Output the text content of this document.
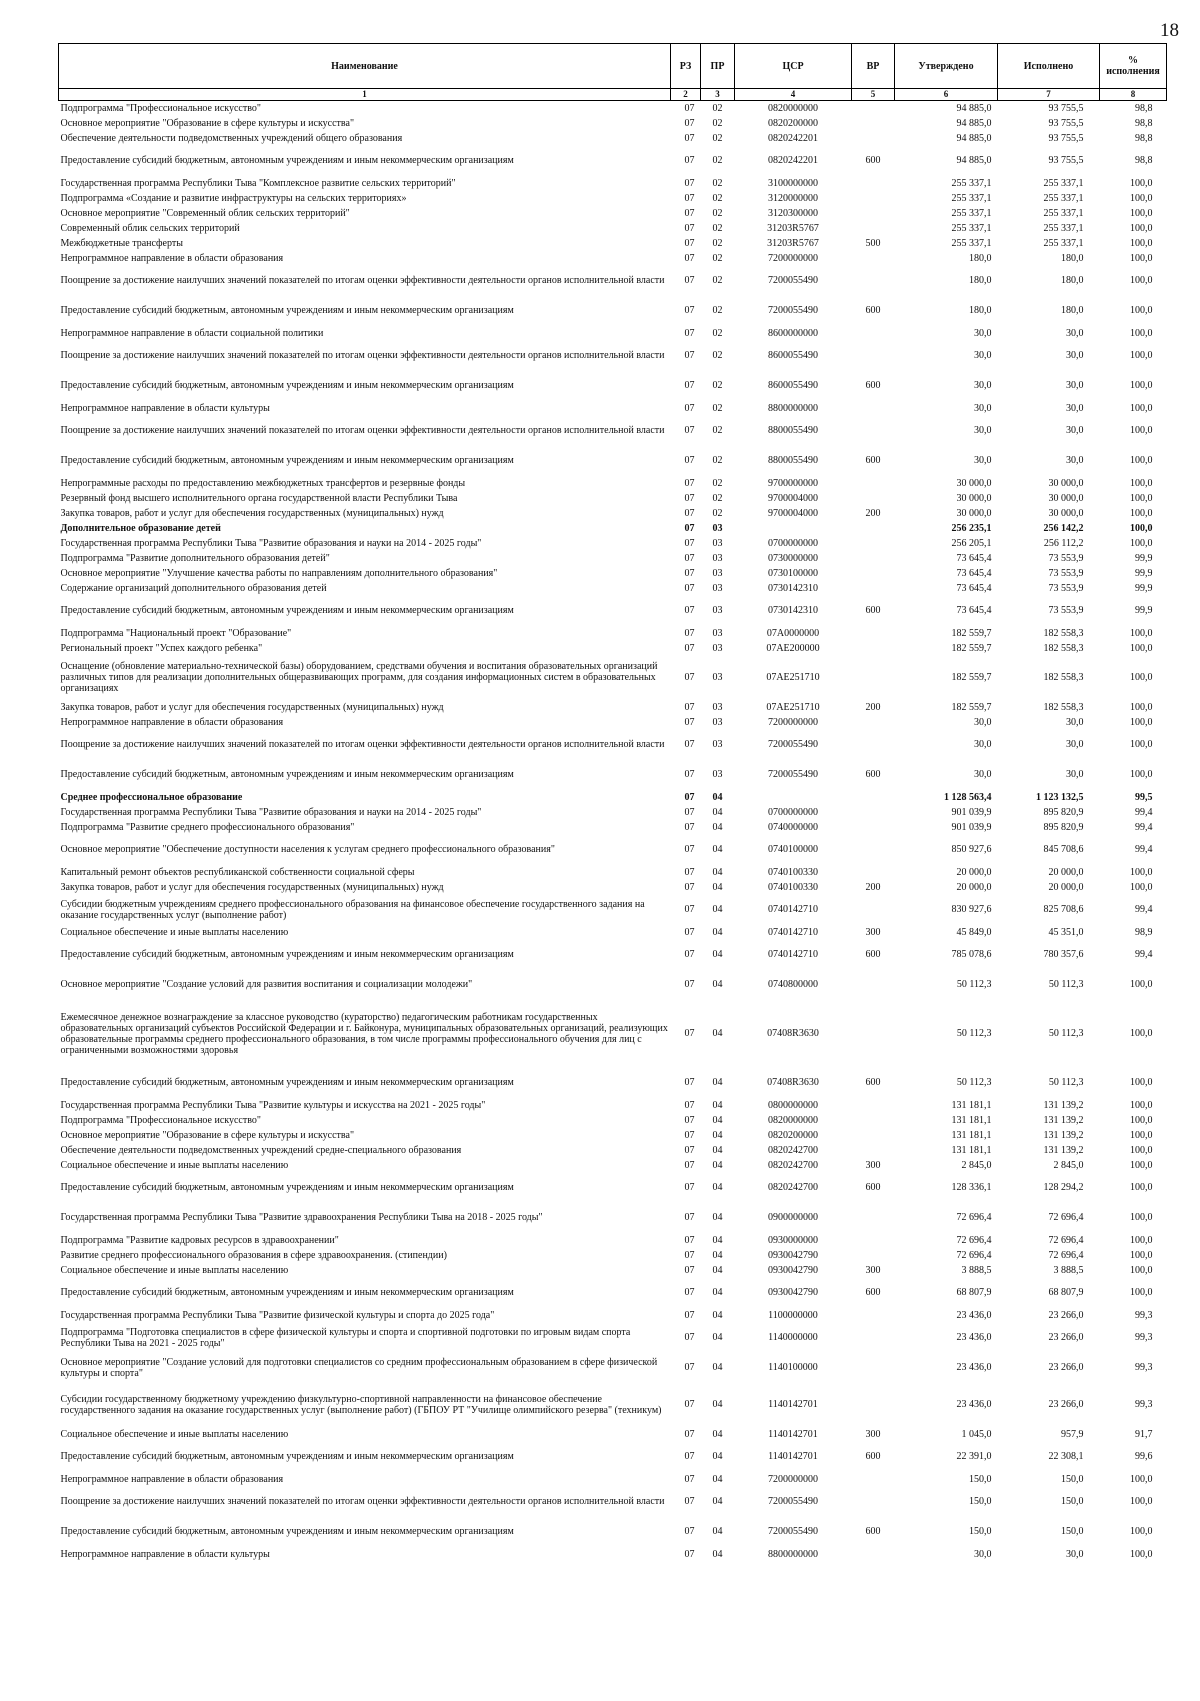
18
Наименование	РЗ	ПР	ЦСР	ВР	Утверждено	Исполнено	% исполнения
1	2	3	4	5	6	7	8
Подпрограмма "Профессиональное искусство"	07	02	0820000000		94 885,0	93 755,5	98,8
Основное мероприятие "Образование в сфере культуры и искусства"	07	02	0820200000		94 885,0	93 755,5	98,8
Обеспечение деятельности подведомственных учреждений общего образования	07	02	0820242201		94 885,0	93 755,5	98,8
Предоставление субсидий бюджетным, автономным учреждениям и иным некоммерческим организациям	07	02	0820242201	600	94 885,0	93 755,5	98,8
Государственная программа Республики Тыва "Комплексное развитие сельских территорий"	07	02	3100000000		255 337,1	255 337,1	100,0
Подпрограмма «Создание и развитие инфраструктуры на сельских территориях»	07	02	3120000000		255 337,1	255 337,1	100,0
Основное мероприятие "Современный облик сельских территорий"	07	02	3120300000		255 337,1	255 337,1	100,0
Современный облик сельских территорий	07	02	31203R5767		255 337,1	255 337,1	100,0
Межбюджетные трансферты	07	02	31203R5767	500	255 337,1	255 337,1	100,0
Непрограммное направление в области образования	07	02	7200000000		180,0	180,0	100,0
Поощрение за достижение наилучших значений показателей по итогам оценки эффективности деятельности органов исполнительной власти	07	02	7200055490		180,0	180,0	100,0
Предоставление субсидий бюджетным, автономным учреждениям и иным некоммерческим организациям	07	02	7200055490	600	180,0	180,0	100,0
Непрограммное направление в области социальной политики	07	02	8600000000		30,0	30,0	100,0
Поощрение за достижение наилучших значений показателей по итогам оценки эффективности деятельности органов исполнительной власти	07	02	8600055490		30,0	30,0	100,0
Предоставление субсидий бюджетным, автономным учреждениям и иным некоммерческим организациям	07	02	8600055490	600	30,0	30,0	100,0
Непрограммное направление в области культуры	07	02	8800000000		30,0	30,0	100,0
Поощрение за достижение наилучших значений показателей по итогам оценки эффективности деятельности органов исполнительной власти	07	02	8800055490		30,0	30,0	100,0
Предоставление субсидий бюджетным, автономным учреждениям и иным некоммерческим организациям	07	02	8800055490	600	30,0	30,0	100,0
Непрограммные расходы по предоставлению межбюджетных трансфертов и резервные фонды	07	02	9700000000		30 000,0	30 000,0	100,0
Резервный фонд высшего исполнительного органа государственной власти Республики Тыва	07	02	9700004000		30 000,0	30 000,0	100,0
Закупка товаров, работ и услуг для обеспечения государственных (муниципальных) нужд	07	02	9700004000	200	30 000,0	30 000,0	100,0
Дополнительное образование детей	07	03			256 235,1	256 142,2	100,0
Государственная программа Республики Тыва "Развитие образования и науки на 2014 - 2025 годы"	07	03	0700000000		256 205,1	256 112,2	100,0
Подпрограмма "Развитие дополнительного образования детей"	07	03	0730000000		73 645,4	73 553,9	99,9
Основное мероприятие "Улучшение качества работы по направлениям дополнительного образования"	07	03	0730100000		73 645,4	73 553,9	99,9
Содержание организаций дополнительного образования детей	07	03	0730142310		73 645,4	73 553,9	99,9
Предоставление субсидий бюджетным, автономным учреждениям и иным некоммерческим организациям	07	03	0730142310	600	73 645,4	73 553,9	99,9
Подпрограмма "Национальный проект "Образование"	07	03	07А0000000		182 559,7	182 558,3	100,0
Региональный проект "Успех каждого ребенка"	07	03	07АЕ200000		182 559,7	182 558,3	100,0
Оснащение (обновление материально-технической базы) оборудованием, средствами обучения и воспитания образовательных организаций различных типов для реализации дополнительных общеразвивающих программ, для создания информационных систем в образовательных организациях	07	03	07АЕ251710		182 559,7	182 558,3	100,0
Закупка товаров, работ и услуг для обеспечения государственных (муниципальных) нужд	07	03	07АЕ251710	200	182 559,7	182 558,3	100,0
Непрограммное направление в области образования	07	03	7200000000		30,0	30,0	100,0
Поощрение за достижение наилучших значений показателей по итогам оценки эффективности деятельности органов исполнительной власти	07	03	7200055490		30,0	30,0	100,0
Предоставление субсидий бюджетным, автономным учреждениям и иным некоммерческим организациям	07	03	7200055490	600	30,0	30,0	100,0
Среднее профессиональное образование	07	04			1 128 563,4	1 123 132,5	99,5
Государственная программа Республики Тыва "Развитие образования и науки на 2014 - 2025 годы"	07	04	0700000000		901 039,9	895 820,9	99,4
Подпрограмма "Развитие среднего профессионального образования"	07	04	0740000000		901 039,9	895 820,9	99,4
Основное мероприятие "Обеспечение доступности населения к услугам среднего профессионального образования"	07	04	0740100000		850 927,6	845 708,6	99,4
Капитальный ремонт объектов республиканской собственности социальной сферы	07	04	0740100330		20 000,0	20 000,0	100,0
Закупка товаров, работ и услуг для обеспечения государственных (муниципальных) нужд	07	04	0740100330	200	20 000,0	20 000,0	100,0
Субсидии бюджетным учреждениям среднего профессионального образования на финансовое обеспечение государственного задания на оказание государственных услуг (выполнение работ)	07	04	0740142710		830 927,6	825 708,6	99,4
Социальное обеспечение и иные выплаты населению	07	04	0740142710	300	45 849,0	45 351,0	98,9
Предоставление субсидий бюджетным, автономным учреждениям и иным некоммерческим организациям	07	04	0740142710	600	785 078,6	780 357,6	99,4
Основное мероприятие "Создание условий для развития воспитания и социализации молодежи"	07	04	0740800000		50 112,3	50 112,3	100,0
Ежемесячное денежное вознаграждение за классное руководство (кураторство) педагогическим работникам государственных образовательных организаций субъектов Российской Федерации и г. Байконура, муниципальных образовательных организаций, реализующих образовательные программы среднего профессионального образования, в том числе программы профессионального обучения для лиц с ограниченными возможностями здоровья	07	04	07408R3630		50 112,3	50 112,3	100,0
Предоставление субсидий бюджетным, автономным учреждениям и иным некоммерческим организациям	07	04	07408R3630	600	50 112,3	50 112,3	100,0
Государственная программа Республики Тыва "Развитие культуры и искусства на 2021 - 2025 годы"	07	04	0800000000		131 181,1	131 139,2	100,0
Подпрограмма "Профессиональное искусство"	07	04	0820000000		131 181,1	131 139,2	100,0
Основное мероприятие "Образование в сфере культуры и искусства"	07	04	0820200000		131 181,1	131 139,2	100,0
Обеспечение деятельности подведомственных учреждений средне-специального образования	07	04	0820242700		131 181,1	131 139,2	100,0
Социальное обеспечение и иные выплаты населению	07	04	0820242700	300	2 845,0	2 845,0	100,0
Предоставление субсидий бюджетным, автономным учреждениям и иным некоммерческим организациям	07	04	0820242700	600	128 336,1	128 294,2	100,0
Государственная программа Республики Тыва "Развитие здравоохранения Республики Тыва на 2018 - 2025 годы"	07	04	0900000000		72 696,4	72 696,4	100,0
Подпрограмма "Развитие кадровых ресурсов в здравоохранении"	07	04	0930000000		72 696,4	72 696,4	100,0
Развитие среднего профессионального образования в сфере здравоохранения. (стипендии)	07	04	0930042790		72 696,4	72 696,4	100,0
Социальное обеспечение и иные выплаты населению	07	04	0930042790	300	3 888,5	3 888,5	100,0
Предоставление субсидий бюджетным, автономным учреждениям и иным некоммерческим организациям	07	04	0930042790	600	68 807,9	68 807,9	100,0
Государственная программа Республики Тыва "Развитие физической культуры и спорта до 2025 года"	07	04	1100000000		23 436,0	23 266,0	99,3
Подпрограмма "Подготовка специалистов в сфере физической культуры и спорта и спортивной подготовки по игровым видам спорта Республики Тыва на 2021 - 2025 годы"	07	04	1140000000		23 436,0	23 266,0	99,3
Основное мероприятие "Создание условий для подготовки специалистов со средним профессиональным образованием в сфере физической культуры и спорта"	07	04	1140100000		23 436,0	23 266,0	99,3
Субсидии государственному бюджетному учреждению физкультурно-спортивной направленности на финансовое обеспечение государственного задания на оказание государственных услуг (выполнение работ) (ГБПОУ РТ "Училище олимпийского резерва" (техникум)	07	04	1140142701		23 436,0	23 266,0	99,3
Социальное обеспечение и иные выплаты населению	07	04	1140142701	300	1 045,0	957,9	91,7
Предоставление субсидий бюджетным, автономным учреждениям и иным некоммерческим организациям	07	04	1140142701	600	22 391,0	22 308,1	99,6
Непрограммное направление в области образования	07	04	7200000000		150,0	150,0	100,0
Поощрение за достижение наилучших значений показателей по итогам оценки эффективности деятельности органов исполнительной власти	07	04	7200055490		150,0	150,0	100,0
Предоставление субсидий бюджетным, автономным учреждениям и иным некоммерческим организациям	07	04	7200055490	600	150,0	150,0	100,0
Непрограммное направление в области культуры	07	04	8800000000		30,0	30,0	100,0
